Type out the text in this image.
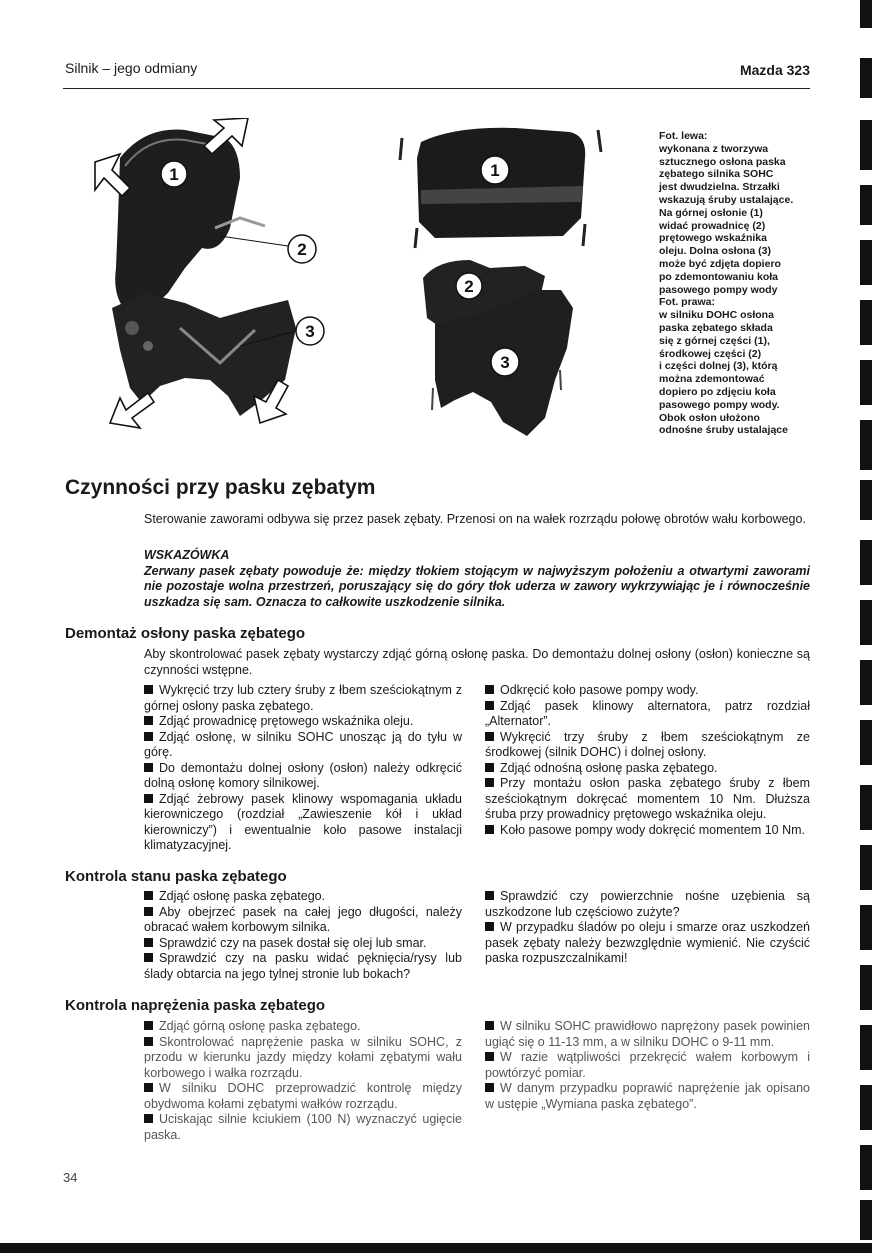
Silnik – jego odmiany	Mazda 323
1
2
3
1
2
3
Fot. lewa:
wykonana z tworzywa
sztucznego osłona paska
zębatego silnika SOHC
jest dwudzielna. Strzałki
wskazują śruby ustalające.
Na górnej osłonie (1)
widać prowadnicę (2)
prętowego wskaźnika
oleju. Dolna osłona (3)
może być zdjęta dopiero
po zdemontowaniu koła
pasowego pompy wody
Fot. prawa:
w silniku DOHC osłona
paska zębatego składa
się z górnej części (1),
środkowej części (2)
i części dolnej (3), którą
można zdemontować
dopiero po zdjęciu koła
pasowego pompy wody.
Obok osłon ułożono
odnośne śruby ustalające
Czynności przy pasku zębatym
Sterowanie zaworami odbywa się przez pasek zębaty. Przenosi on na wałek rozrządu połowę obrotów wału korbowego.
WSKAZÓWKA
Zerwany pasek zębaty powoduje że: między tłokiem stojącym w najwyższym położeniu a otwartymi zaworami nie pozostaje wolna przestrzeń, poruszający się do góry tłok uderza w zawory wykrzywiając je i równocześnie uszkadza się sam. Oznacza to całkowite uszkodzenie silnika.
Demontaż osłony paska zębatego
Aby skontrolować pasek zębaty wystarczy zdjąć górną osłonę paska. Do demontażu dolnej osłony (osłon) konieczne są czynności wstępne.

Wykręcić trzy lub cztery śruby z łbem sześciokątnym z górnej osłony paska zębatego.

Zdjąć prowadnicę prętowego wskaźnika oleju.

Zdjąć osłonę, w silniku SOHC unosząc ją do tyłu w górę.

Do demontażu dolnej osłony (osłon) należy odkręcić dolną osłonę komory silnikowej.

Zdjąć żebrowy pasek klinowy wspomagania układu kierowniczego (rozdział „Zawieszenie kół i układ kierowniczy”) i ewentualnie koło pasowe instalacji klimatyzacyjnej.

Odkręcić koło pasowe pompy wody.

Zdjąć pasek klinowy alternatora, patrz rozdział „Alternator”.

Wykręcić trzy śruby z łbem sześciokątnym ze środkowej (silnik DOHC) i dolnej osłony.

Zdjąć odnośną osłonę paska zębatego.

Przy montażu osłon paska zębatego śruby z łbem sześciokątnym dokręcać momentem 10 Nm. Dłuższa śruba przy prowadnicy prętowego wskaźnika oleju.

Koło pasowe pompy wody dokręcić momentem 10 Nm.

Kontrola stanu paska zębatego

Zdjąć osłonę paska zębatego.

Aby obejrzeć pasek na całej jego długości, należy obracać wałem korbowym silnika.

Sprawdzić czy na pasek dostał się olej lub smar.

Sprawdzić czy na pasku widać pęknięcia/rysy lub ślady obtarcia na jego tylnej stronie lub bokach?

Sprawdzić czy powierzchnie nośne uzębienia są uszkodzone lub częściowo zużyte?

W przypadku śladów po oleju i smarze oraz uszkodzeń pasek zębaty należy bezwzględnie wymienić. Nie czyścić paska rozpuszczalnikami!

Kontrola naprężenia paska zębatego

Zdjąć górną osłonę paska zębatego.

Skontrolować naprężenie paska w silniku SOHC, z przodu w kierunku jazdy między kołami zębatymi wału korbowego i wałka rozrządu.

W silniku DOHC przeprowadzić kontrolę między obydwoma kołami zębatymi wałków rozrządu.

Uciskając silnie kciukiem (100 N) wyznaczyć ugięcie paska.

W silniku SOHC prawidłowo naprężony pasek powinien ugiąć się o 11-13 mm, a w silniku DOHC o 9-11 mm.

W razie wątpliwości przekręcić wałem korbowym i powtórzyć pomiar.

W danym przypadku poprawić naprężenie jak opisano w ustępie „Wymiana paska zębatego”.

34
